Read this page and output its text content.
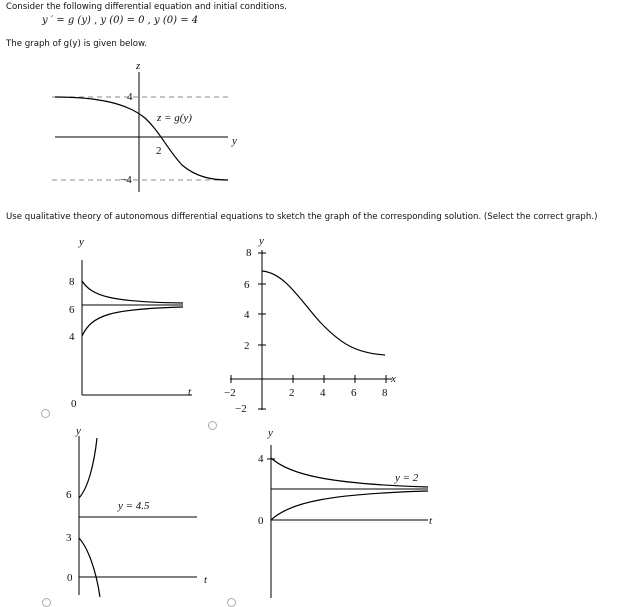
Consider the following differential equation and initial conditions.
y ′ = g (y) , y (0) = 0 , y (0) = 4
The graph of g(y) is given below.
Use qualitative theory of autonomous differential equations to sketch the graph of the corresponding solution. (Select the correct graph.)
z
y
z = g(y)
4
−4
2
y
t
8
6
4
0
y
x
8
6
4
2
−2
−2	2 4 6 8
y
t
6
3
0
y = 4.5
y
t
4
0
y = 2
